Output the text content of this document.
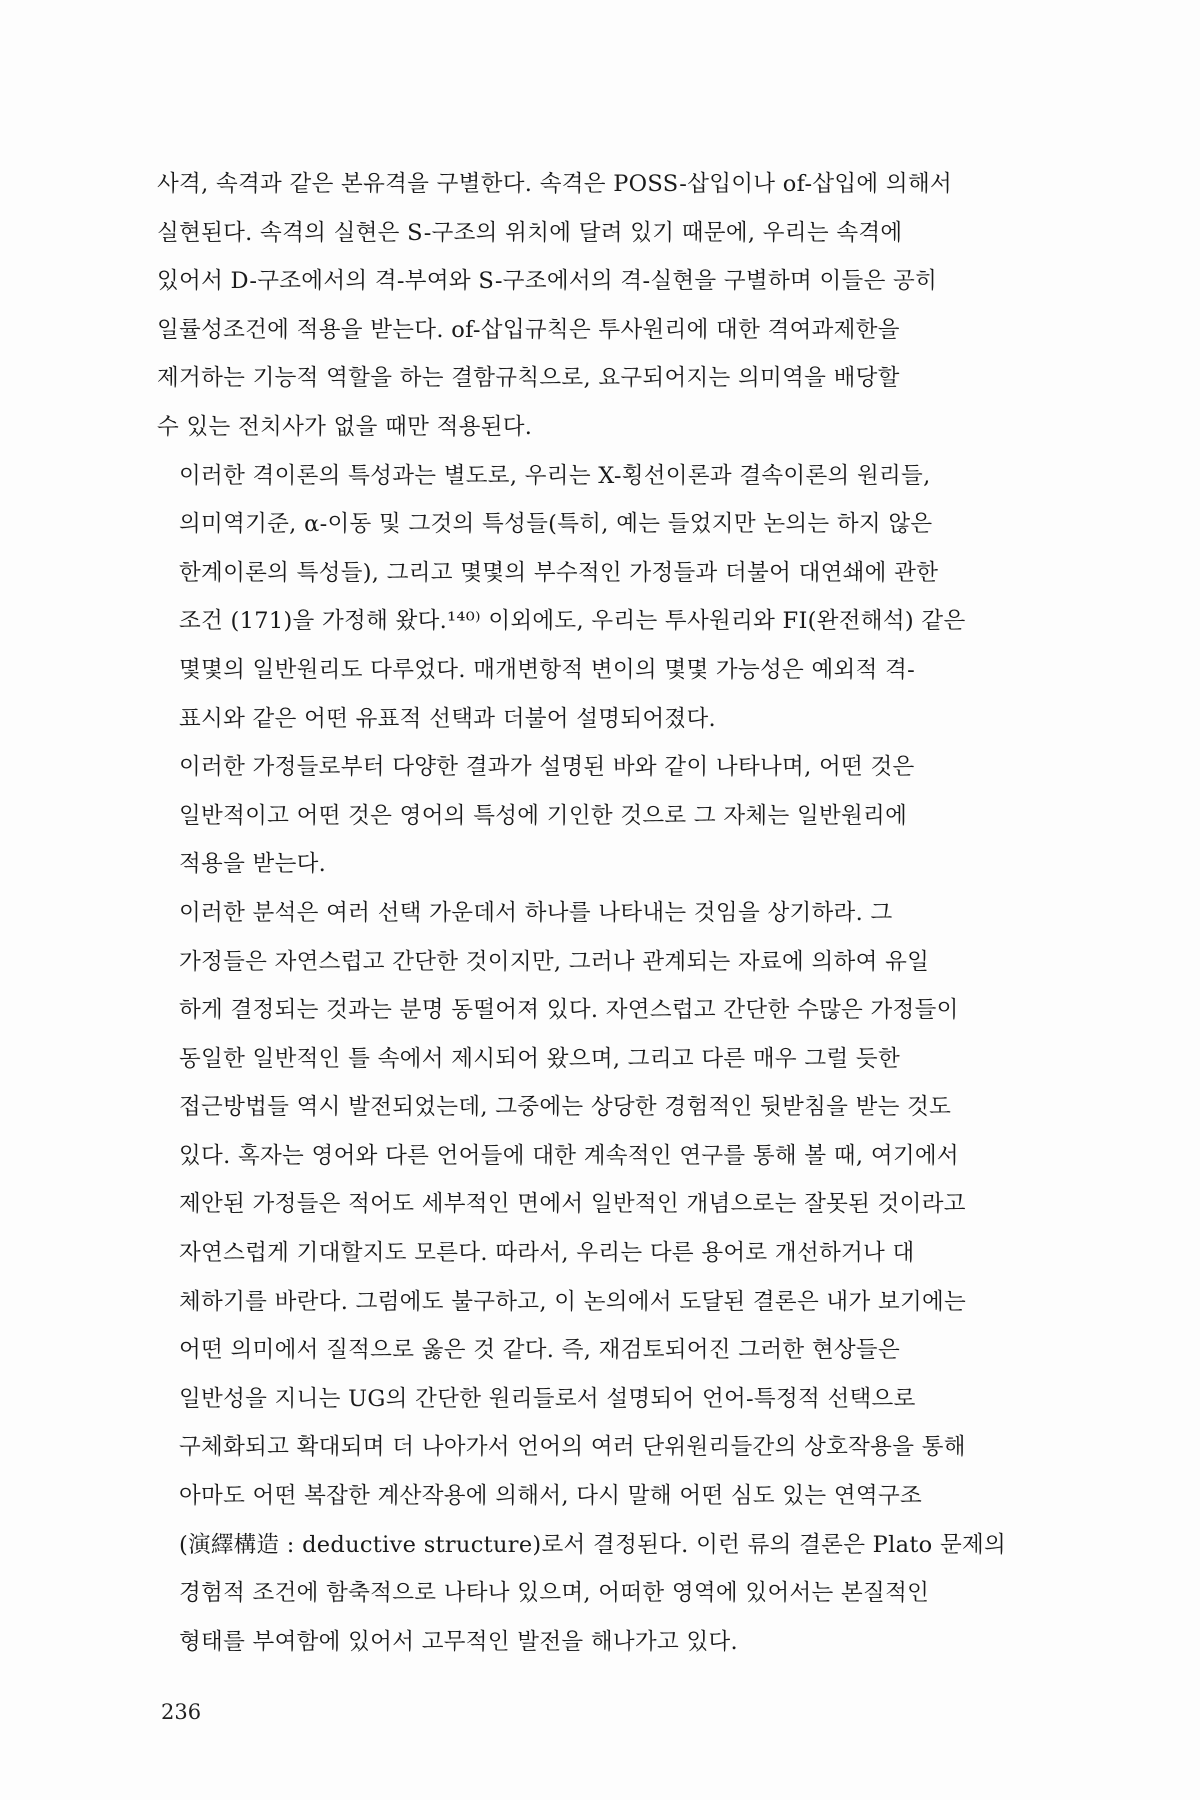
사격, 속격과 같은 본유격을 구별한다. 속격은 POSS-삽입이나 of-삽입에 의해서
실현된다. 속격의 실현은 S-구조의 위치에 달려 있기 때문에, 우리는 속격에
있어서 D-구조에서의 격-부여와 S-구조에서의 격-실현을 구별하며 이들은 공히
일률성조건에 적용을 받는다. of-삽입규칙은 투사원리에 대한 격여과제한을
제거하는 기능적 역할을 하는 결함규칙으로, 요구되어지는 의미역을 배당할
수 있는 전치사가 없을 때만 적용된다.
이러한 격이론의 특성과는 별도로, 우리는 X-횡선이론과 결속이론의 원리들,
의미역기준, α-이동 및 그것의 특성들(특히, 예는 들었지만 논의는 하지 않은
한계이론의 특성들), 그리고 몇몇의 부수적인 가정들과 더불어 대연쇄에 관한
조건 (171)을 가정해 왔다.¹⁴⁰⁾ 이외에도, 우리는 투사원리와 FI(완전해석) 같은
몇몇의 일반원리도 다루었다. 매개변항적 변이의 몇몇 가능성은 예외적 격-
표시와 같은 어떤 유표적 선택과 더불어 설명되어졌다.
이러한 가정들로부터 다양한 결과가 설명된 바와 같이 나타나며, 어떤 것은
일반적이고 어떤 것은 영어의 특성에 기인한 것으로 그 자체는 일반원리에
적용을 받는다.
이러한 분석은 여러 선택 가운데서 하나를 나타내는 것임을 상기하라. 그
가정들은 자연스럽고 간단한 것이지만, 그러나 관계되는 자료에 의하여 유일
하게 결정되는 것과는 분명 동떨어져 있다. 자연스럽고 간단한 수많은 가정들이
동일한 일반적인 틀 속에서 제시되어 왔으며, 그리고 다른 매우 그럴 듯한
접근방법들 역시 발전되었는데, 그중에는 상당한 경험적인 뒷받침을 받는 것도
있다. 혹자는 영어와 다른 언어들에 대한 계속적인 연구를 통해 볼 때, 여기에서
제안된 가정들은 적어도 세부적인 면에서 일반적인 개념으로는 잘못된 것이라고
자연스럽게 기대할지도 모른다. 따라서, 우리는 다른 용어로 개선하거나 대
체하기를 바란다. 그럼에도 불구하고, 이 논의에서 도달된 결론은 내가 보기에는
어떤 의미에서 질적으로 옳은 것 같다. 즉, 재검토되어진 그러한 현상들은
일반성을 지니는 UG의 간단한 원리들로서 설명되어 언어-특정적 선택으로
구체화되고 확대되며 더 나아가서 언어의 여러 단위원리들간의 상호작용을 통해
아마도 어떤 복잡한 계산작용에 의해서, 다시 말해 어떤 심도 있는 연역구조
(演繹構造 : deductive structure)로서 결정된다. 이런 류의 결론은 Plato 문제의
경험적 조건에 함축적으로 나타나 있으며, 어떠한 영역에 있어서는 본질적인
형태를 부여함에 있어서 고무적인 발전을 해나가고 있다.
236
